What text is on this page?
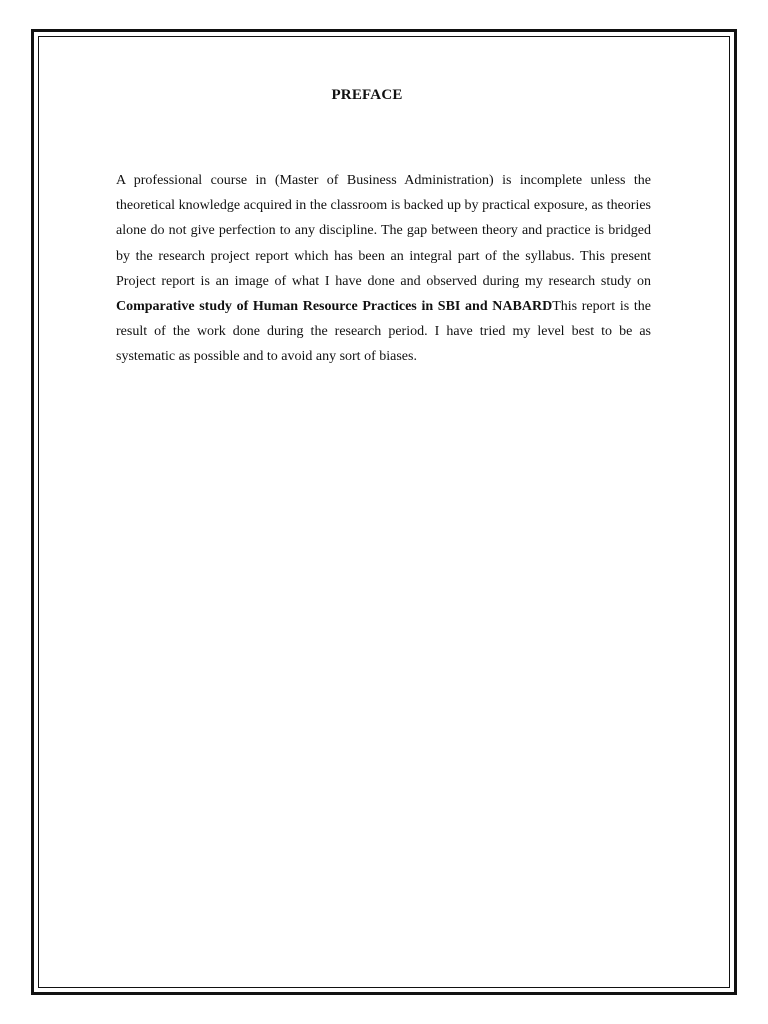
PREFACE

A professional course in (Master of Business Administration) is incomplete unless the theoretical knowledge acquired in the classroom is backed up by practical exposure, as theories alone do not give perfection to any discipline. The gap between theory and practice is bridged by the research project report which has been an integral part of the syllabus. This present Project report is an image of what I have done and observed during my research study on Comparative study of Human Resource Practices in SBI and NABARDThis report is the result of the work done during the research period. I have tried my level best to be as systematic as possible and to avoid any sort of biases.
